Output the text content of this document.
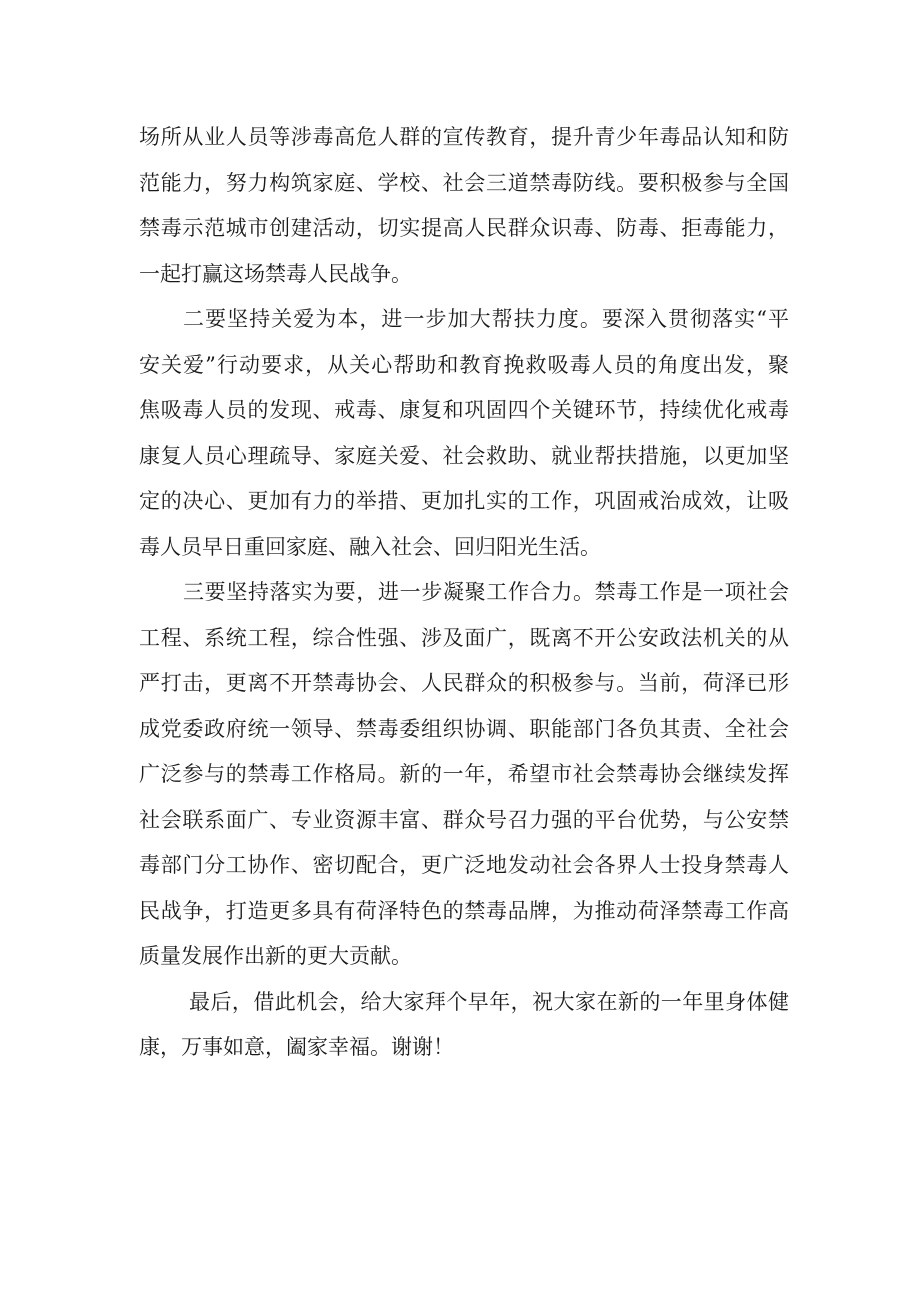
场所从业人员等涉毒高危人群的宣传教育，提升青少年毒品认知和防
范能力，努力构筑家庭、学校、社会三道禁毒防线。要积极参与全国
禁毒示范城市创建活动，切实提高人民群众识毒、防毒、拒毒能力，
一起打赢这场禁毒人民战争。
二要坚持关爱为本，进一步加大帮扶力度。要深入贯彻落实“平
安关爱”行动要求，从关心帮助和教育挽救吸毒人员的角度出发，聚
焦吸毒人员的发现、戒毒、康复和巩固四个关键环节，持续优化戒毒
康复人员心理疏导、家庭关爱、社会救助、就业帮扶措施，以更加坚
定的决心、更加有力的举措、更加扎实的工作，巩固戒治成效，让吸
毒人员早日重回家庭、融入社会、回归阳光生活。
三要坚持落实为要，进一步凝聚工作合力。禁毒工作是一项社会
工程、系统工程，综合性强、涉及面广，既离不开公安政法机关的从
严打击，更离不开禁毒协会、人民群众的积极参与。当前，荷泽已形
成党委政府统一领导、禁毒委组织协调、职能部门各负其责、全社会
广泛参与的禁毒工作格局。新的一年，希望市社会禁毒协会继续发挥
社会联系面广、专业资源丰富、群众号召力强的平台优势，与公安禁
毒部门分工协作、密切配合，更广泛地发动社会各界人士投身禁毒人
民战争，打造更多具有荷泽特色的禁毒品牌，为推动荷泽禁毒工作高
质量发展作出新的更大贡献。
最后，借此机会，给大家拜个早年，祝大家在新的一年里身体健
康，万事如意，阖家幸福。谢谢！
